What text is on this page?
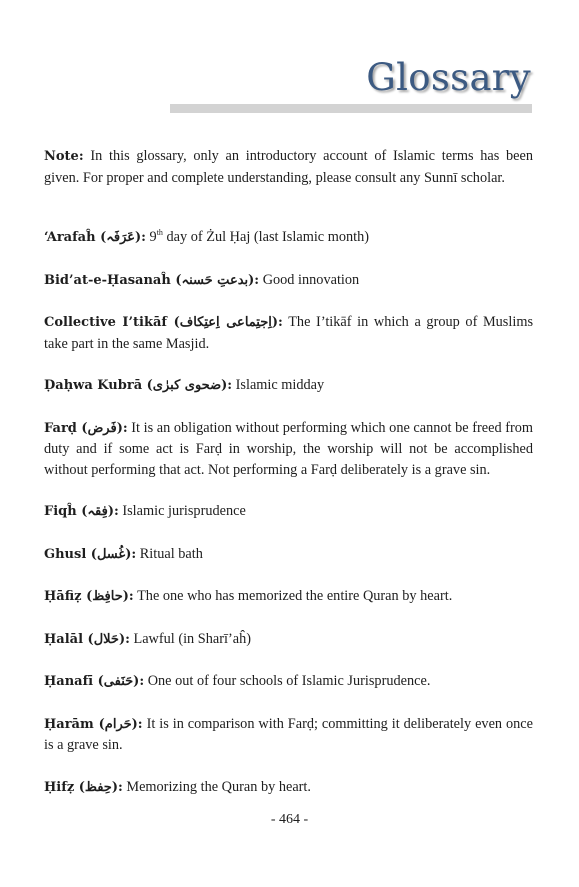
Glossary

Note: In this glossary, only an introductory account of Islamic terms has been given. For proper and complete understanding, please consult any Sunnī scholar.

‘Arafaĥ (عَرَفَہ): 9th day of Żul Ḥaj (last Islamic month)

Bid’at-e-Ḥasanaĥ (بدعتِ حَسنہ): Good innovation

Collective I’tikāf (اِجتِماعی اِعتِکاف): The I’tikāf in which a group of Muslims take part in the same Masjid.

Ḍaḥwa Kubrā (ضحوی کبرٰی): Islamic midday

Farḍ (فَرض): It is an obligation without performing which one cannot be freed from duty and if some act is Farḍ in worship, the worship will not be accomplished without performing that act. Not performing a Farḍ deliberately is a grave sin.

Fiqĥ (فِقہ): Islamic jurisprudence

Ghusl (غُسل): Ritual bath

Ḥāfiẓ (حافِظ): The one who has memorized the entire Quran by heart.

Ḥalāl (حَلال): Lawful (in Sharī’aĥ)

Ḥanafī (حَنَفی): One out of four schools of Islamic Jurisprudence.

Ḥarām (حَرام): It is in comparison with Farḍ; committing it deliberately even once is a grave sin.

Ḥifẓ (حِفظ): Memorizing the Quran by heart.

- 464 -
